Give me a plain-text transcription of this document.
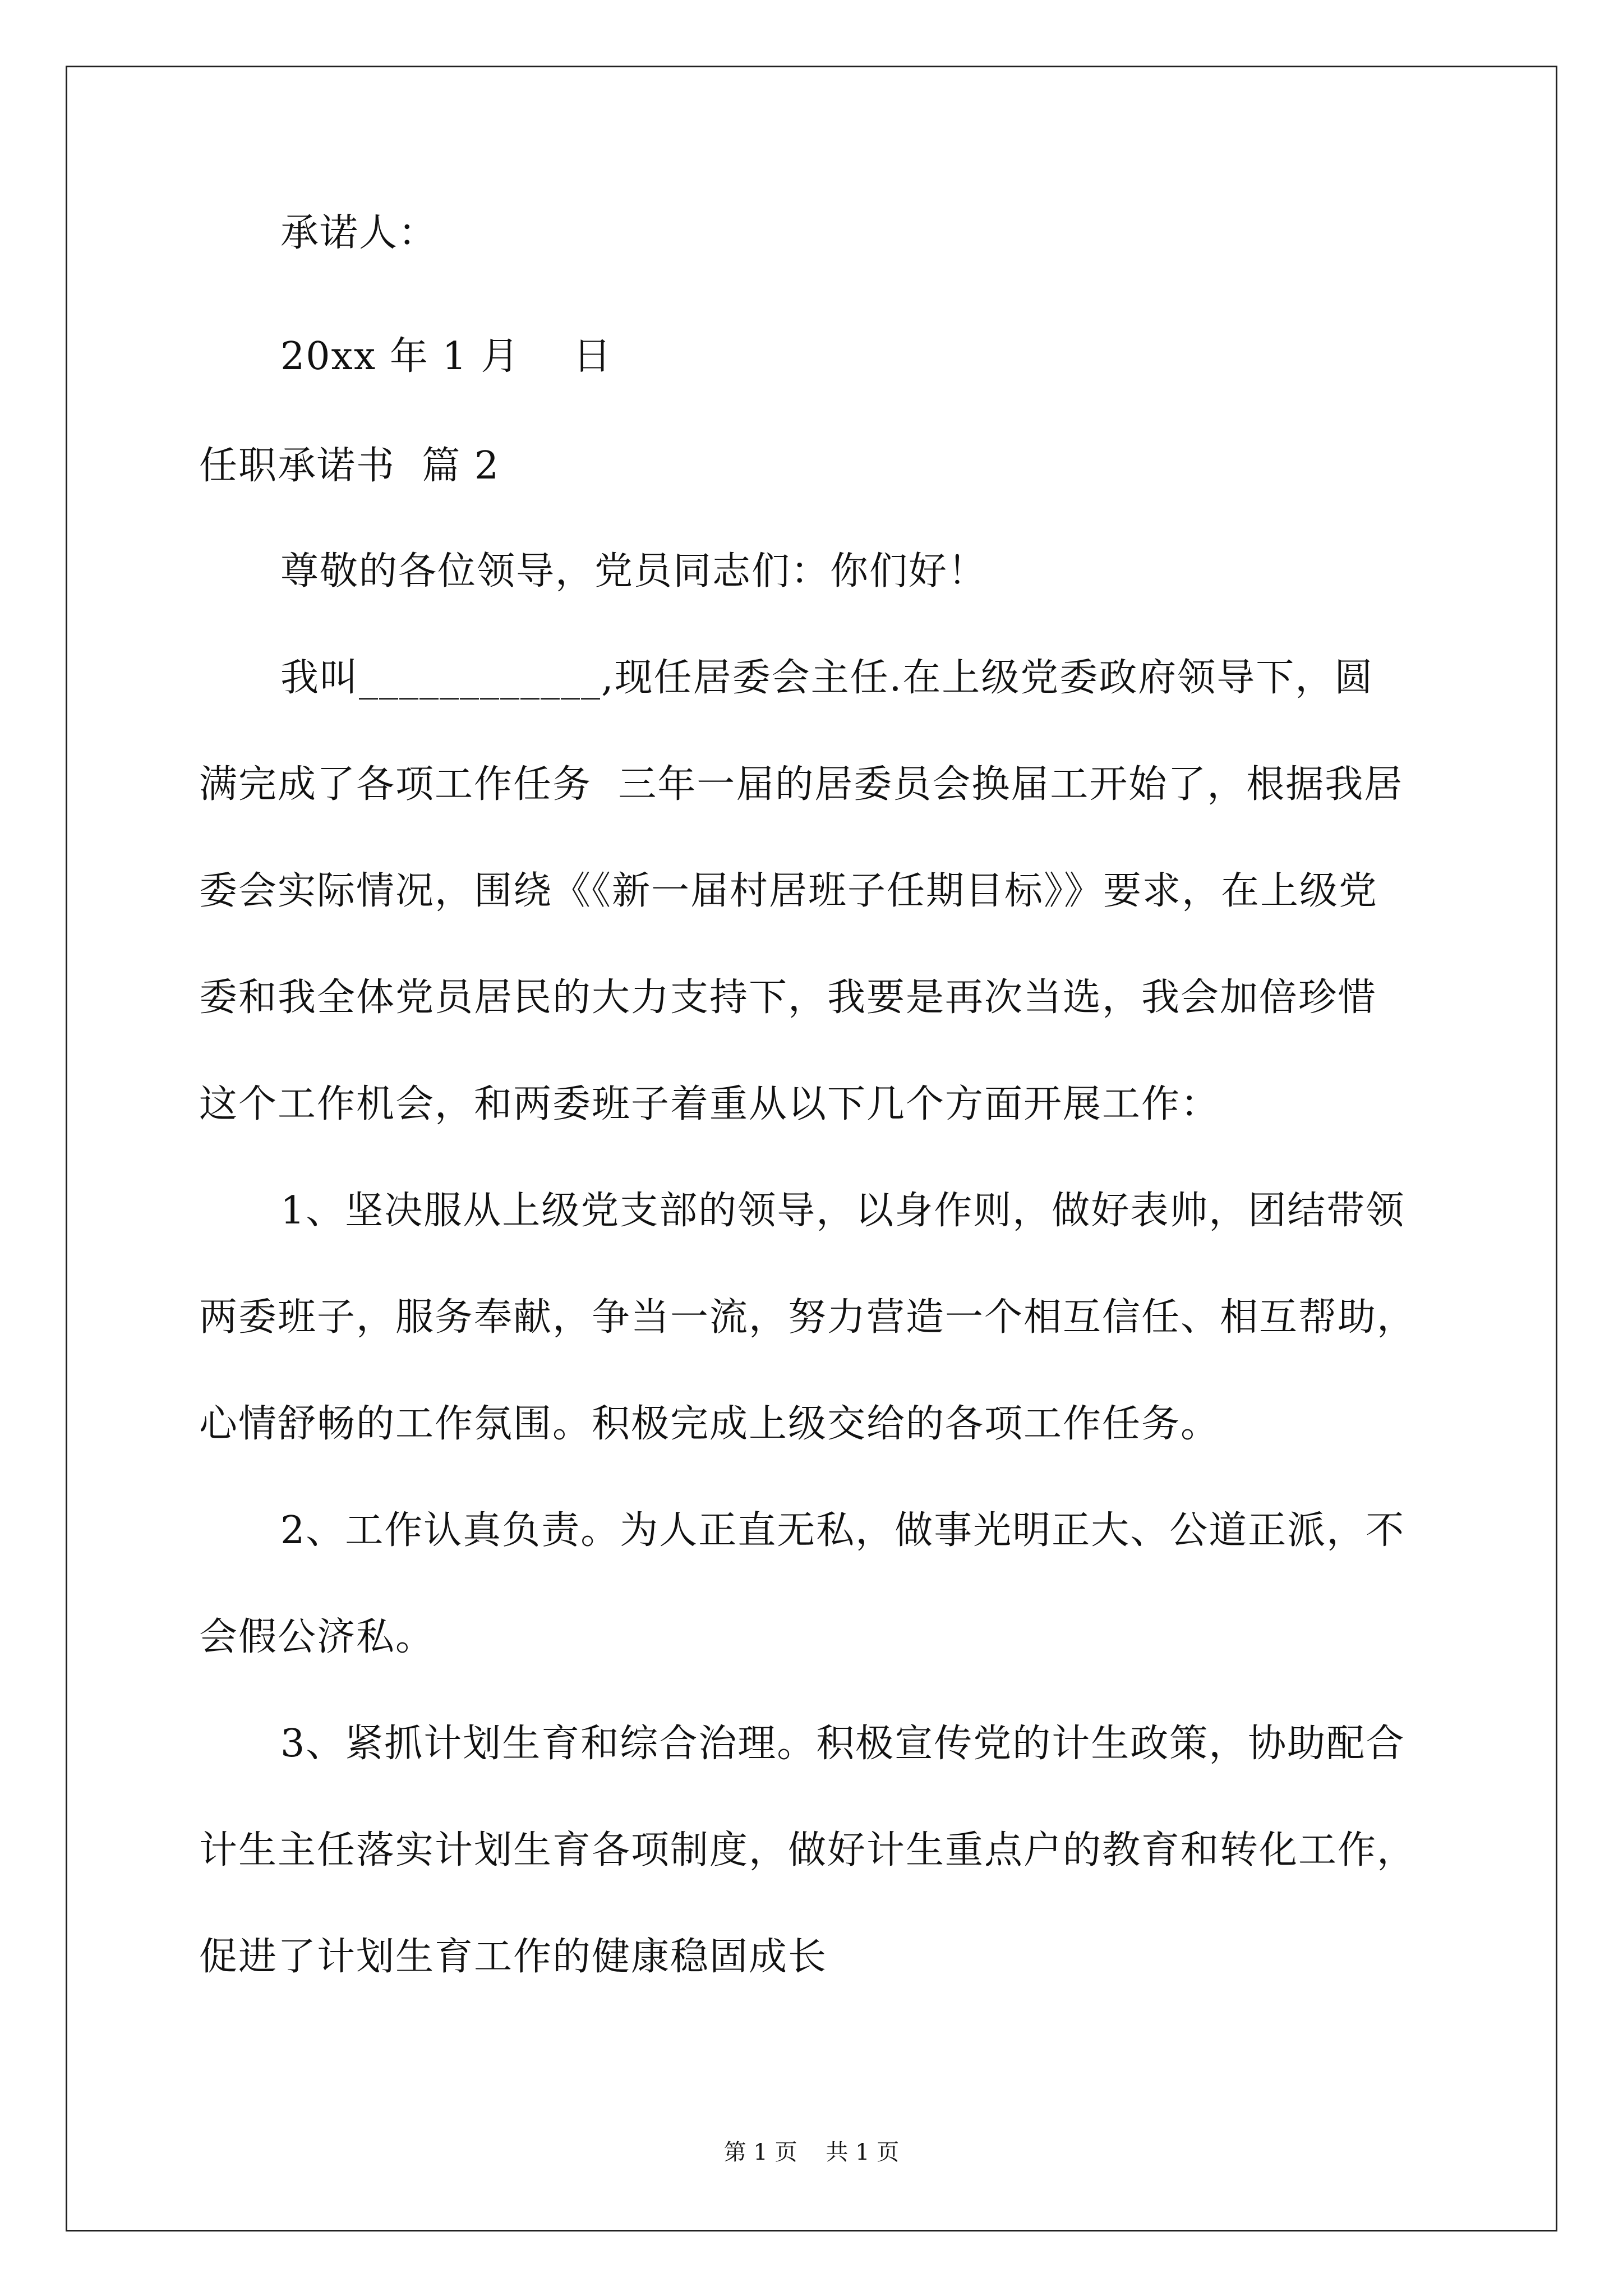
承诺人：
20xx 年 1 月    日
任职承诺书  篇 2
尊敬的各位领导，党员同志们：你们好！
我叫____________,现任居委会主任.在上级党委政府领导下，圆
满完成了各项工作任务  三年一届的居委员会换届工开始了，根据我居
委会实际情况，围绕《《新一届村居班子任期目标》》要求，在上级党
委和我全体党员居民的大力支持下，我要是再次当选，我会加倍珍惜
这个工作机会，和两委班子着重从以下几个方面开展工作：
1、坚决服从上级党支部的领导，以身作则，做好表帅，团结带领
两委班子，服务奉献，争当一流，努力营造一个相互信任、相互帮助，
心情舒畅的工作氛围。积极完成上级交给的各项工作任务。
2、工作认真负责。为人正直无私，做事光明正大、公道正派，不
会假公济私。
3、紧抓计划生育和综合治理。积极宣传党的计生政策，协助配合
计生主任落实计划生育各项制度，做好计生重点户的教育和转化工作，
促进了计划生育工作的健康稳固成长
第 1 页    共 1 页
